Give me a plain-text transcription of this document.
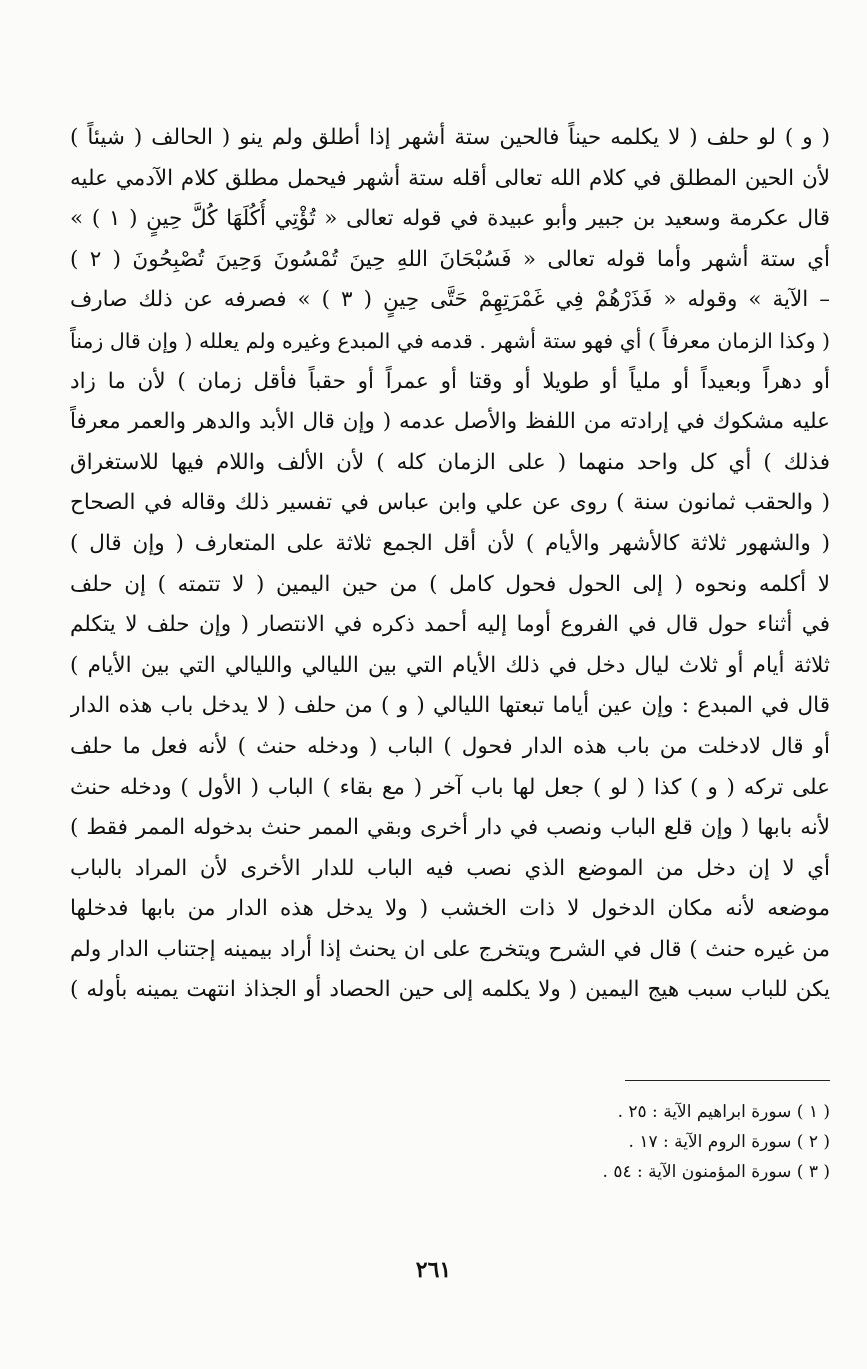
( و ) لو حلف ( لا يكلمه حيناً فالحين ستة أشهر إذا أطلق ولم ينو ( الحالف ( شيئاً )
لأن الحين المطلق في كلام الله تعالى أقله ستة أشهر فيحمل مطلق كلام الآدمي عليه
قال عكرمة وسعيد بن جبير وأبو عبيدة في قوله تعالى « تُؤْتِي أُكُلَهَا كُلَّ حِينٍ ( ١ ) »
أي ستة أشهر وأما قوله تعالى « فَسُبْحَانَ اللهِ حِينَ تُمْسُونَ وَحِينَ تُصْبِحُونَ ( ٢ )
– الآية » وقوله « فَذَرْهُمْ فِي غَمْرَتِهِمْ حَتَّى حِينٍ ( ٣ ) » فصرفه عن ذلك صارف
( وكذا الزمان معرفاً ) أي فهو ستة أشهر . قدمه في المبدع وغيره ولم يعلله ( وإن قال زمناً
أو دهراً وبعيداً أو ملياً أو طويلا أو وقتا أو عمراً أو حقباً فأقل زمان ) لأن ما زاد
عليه مشكوك في إرادته من اللفظ والأصل عدمه ( وإن قال الأبد والدهر والعمر معرفاً
فذلك ) أي كل واحد منهما ( على الزمان كله ) لأن الألف واللام فيها للاستغراق
( والحقب ثمانون سنة ) روى عن علي وابن عباس في تفسير ذلك وقاله في الصحاح
( والشهور ثلاثة كالأشهر والأيام ) لأن أقل الجمع ثلاثة على المتعارف ( وإن قال )
لا أكلمه ونحوه ( إلى الحول فحول كامل ) من حين اليمين ( لا تتمته ) إن حلف
في أثناء حول قال في الفروع أوما إليه أحمد ذكره في الانتصار ( وإن حلف لا يتكلم
ثلاثة أيام أو ثلاث ليال دخل في ذلك الأيام التي بين الليالي والليالي التي بين الأيام )
قال في المبدع : وإن عين أياما تبعتها الليالي ( و ) من حلف ( لا يدخل باب هذه الدار
أو قال لادخلت من باب هذه الدار فحول ) الباب ( ودخله حنث ) لأنه فعل ما حلف
على تركه ( و ) كذا ( لو ) جعل لها باب آخر ( مع بقاء ) الباب ( الأول ) ودخله حنث
لأنه بابها ( وإن قلع الباب ونصب في دار أخرى وبقي الممر حنث بدخوله الممر فقط )
أي لا إن دخل من الموضع الذي نصب فيه الباب للدار الأخرى لأن المراد بالباب
موضعه لأنه مكان الدخول لا ذات الخشب ( ولا يدخل هذه الدار من بابها فدخلها
من غيره حنث ) قال في الشرح ويتخرج على ان يحنث إذا أراد بيمينه إجتناب الدار ولم
يكن للباب سبب هيج اليمين ( ولا يكلمه إلى حين الحصاد أو الجذاذ انتهت يمينه بأوله )
( ١ ) سورة ابراهيم الآية : ٢٥ .
( ٢ ) سورة الروم الآية : ١٧ .
( ٣ ) سورة المؤمنون الآية : ٥٤ .
٢٦١
